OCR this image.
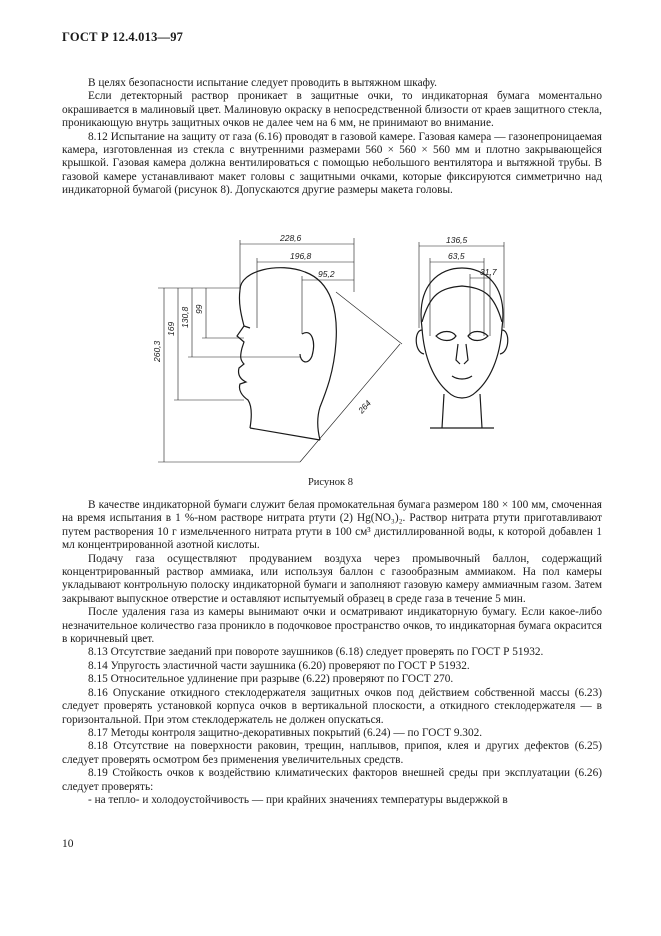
ГОСТ Р 12.4.013—97

В целях безопасности испытание следует проводить в вытяжном шкафу.

Если детекторный раствор проникает в защитные очки, то индикаторная бумага моментально окрашивается в малиновый цвет. Малиновую окраску в непосредственной близости от краев защитного стекла, проникающую внутрь защитных очков не далее чем на 6 мм, не принимают во внимание.

8.12 Испытание на защиту от газа (6.16) проводят в газовой камере. Газовая камера — газонепроницаемая камера, изготовленная из стекла с внутренними размерами 560 × 560 × 560 мм и плотно закрывающейся крышкой. Газовая камера должна вентилироваться с помощью небольшого вентилятора и вытяжной трубы. В газовой камере устанавливают макет головы с защитными очками, которые фиксируются симметрично над индикаторной бумагой (рисунок 8). Допускаются другие размеры макета головы.

228,6
196,8
95,2
260,3
169
130,8 99
264
136,5
63,5
31,7
Рисунок 8

В качестве индикаторной бумаги служит белая промокательная бумага размером 180 × 100 мм, смоченная на время испытания в 1 %-ном растворе нитрата ртути (2) Hg(NO₃)₂. Раствор нитрата ртути приготавливают путем растворения 10 г измельченного нитрата ртути в 100 см³ дистиллированной воды, к которой добавлен 1 мл концентрированной азотной кислоты.

Подачу газа осуществляют продуванием воздуха через промывочный баллон, содержащий концентрированный раствор аммиака, или используя баллон с газообразным аммиаком. На пол камеры укладывают контрольную полоску индикаторной бумаги и заполняют газовую камеру аммиачным газом. Затем закрывают выпускное отверстие и оставляют испытуемый образец в среде газа в течение 5 мин.

После удаления газа из камеры вынимают очки и осматривают индикаторную бумагу. Если какое-либо незначительное количество газа проникло в подочковое пространство очков, то индикаторная бумага окрасится в коричневый цвет.

8.13 Отсутствие заеданий при повороте заушников (6.18) следует проверять по ГОСТ Р 51932.

8.14 Упругость эластичной части заушника (6.20) проверяют по ГОСТ Р 51932.

8.15 Относительное удлинение при разрыве (6.22) проверяют по ГОСТ 270.

8.16 Опускание откидного стеклодержателя защитных очков под действием собственной массы (6.23) следует проверять установкой корпуса очков в вертикальной плоскости, а откидного стеклодержателя — в горизонтальной. При этом стеклодержатель не должен опускаться.

8.17 Методы контроля защитно-декоративных покрытий (6.24) — по ГОСТ 9.302.

8.18 Отсутствие на поверхности раковин, трещин, наплывов, припоя, клея и других дефектов (6.25) следует проверять осмотром без применения увеличительных средств.

8.19 Стойкость очков к воздействию климатических факторов внешней среды при эксплуатации (6.26) следует проверять:

- на тепло- и холодоустойчивость — при крайних значениях температуры выдержкой в

10
